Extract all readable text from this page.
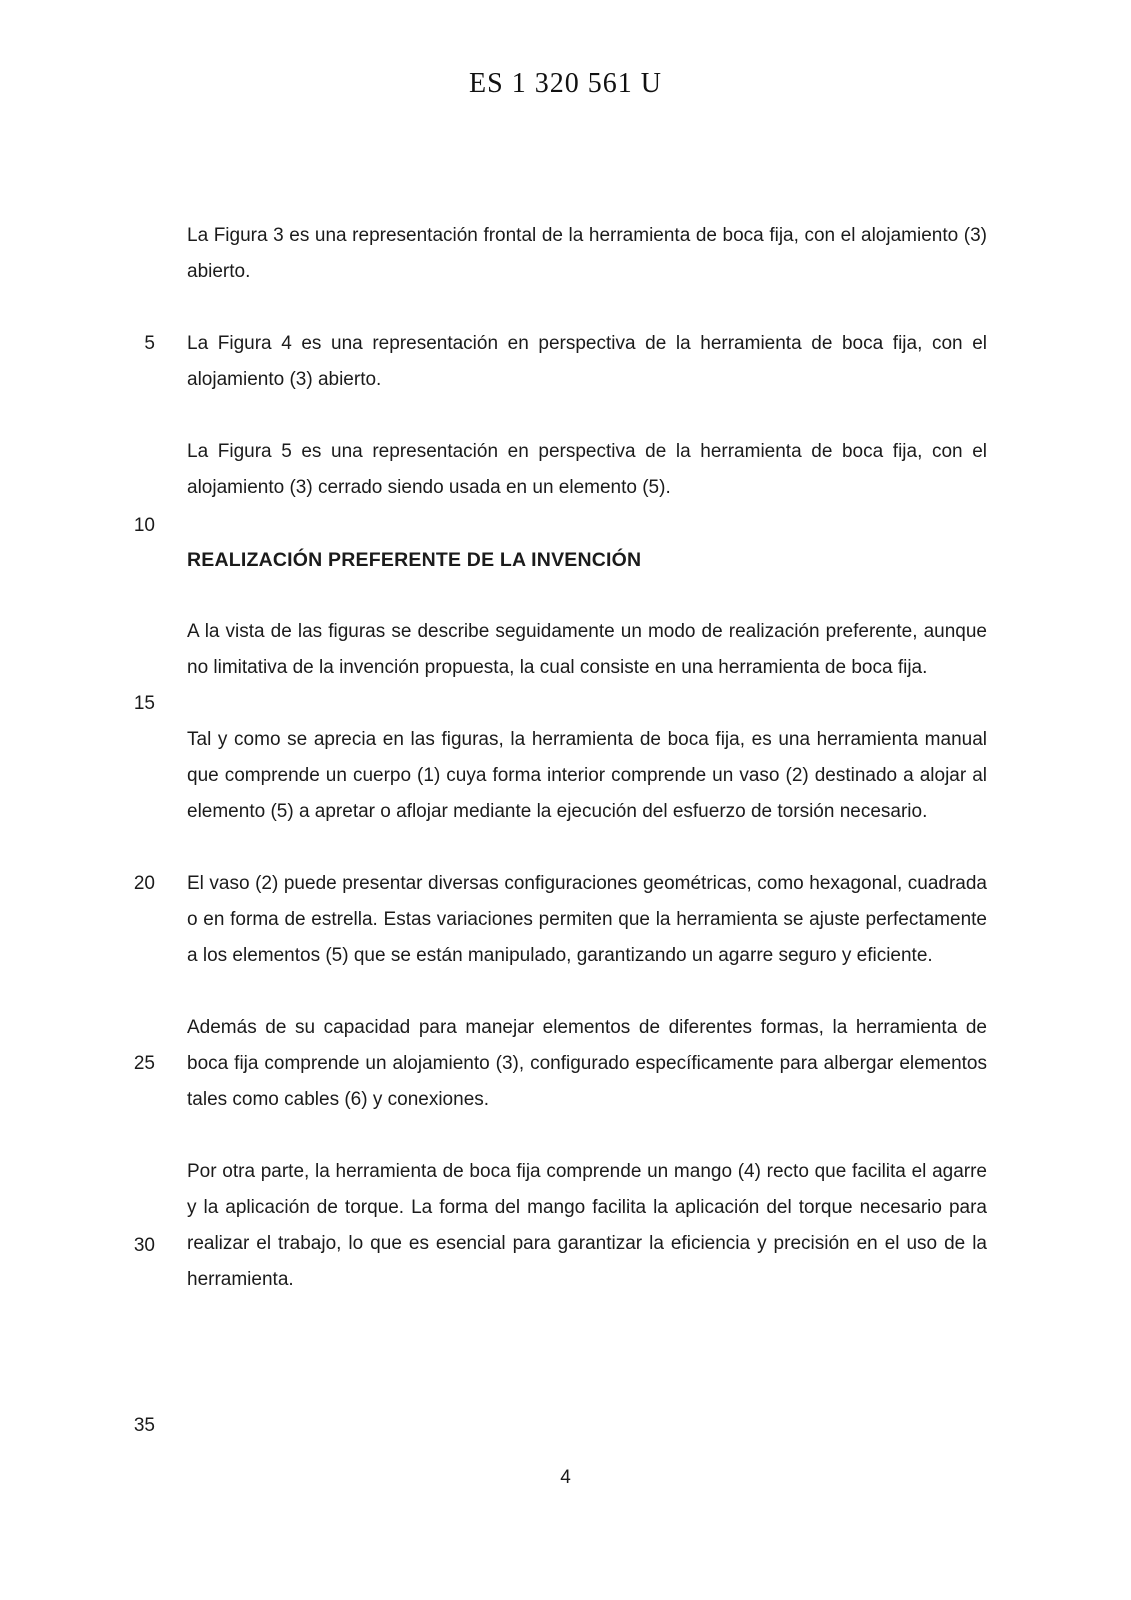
ES 1 320 561 U
5
10
15
20
25
30
35

La Figura 3 es una representación frontal de la herramienta de boca fija, con el alojamiento (3) abierto.

La Figura 4 es una representación en perspectiva de la herramienta de boca fija, con el alojamiento (3) abierto.

La Figura 5 es una representación en perspectiva de la herramienta de boca fija, con el alojamiento (3) cerrado siendo usada en un elemento (5).

REALIZACIÓN PREFERENTE DE LA INVENCIÓN

A la vista de las figuras se describe seguidamente un modo de realización preferente, aunque no limitativa de la invención propuesta, la cual consiste en una herramienta de boca fija.

Tal y como se aprecia en las figuras, la herramienta de boca fija, es una herramienta manual que comprende un cuerpo (1) cuya forma interior comprende un vaso (2) destinado a alojar al elemento (5) a apretar o aflojar mediante la ejecución del esfuerzo de torsión necesario.

El vaso (2) puede presentar diversas configuraciones geométricas, como hexagonal, cuadrada o en forma de estrella. Estas variaciones permiten que la herramienta se ajuste perfectamente a los elementos (5) que se están manipulado, garantizando un agarre seguro y eficiente.

Además de su capacidad para manejar elementos de diferentes formas, la herramienta de boca fija comprende un alojamiento (3), configurado específicamente para albergar elementos tales como cables (6) y conexiones.

Por otra parte, la herramienta de boca fija comprende un mango (4) recto que facilita el agarre y la aplicación de torque. La forma del mango facilita la aplicación del torque necesario para realizar el trabajo, lo que es esencial para garantizar la eficiencia y precisión en el uso de la herramienta.

4
